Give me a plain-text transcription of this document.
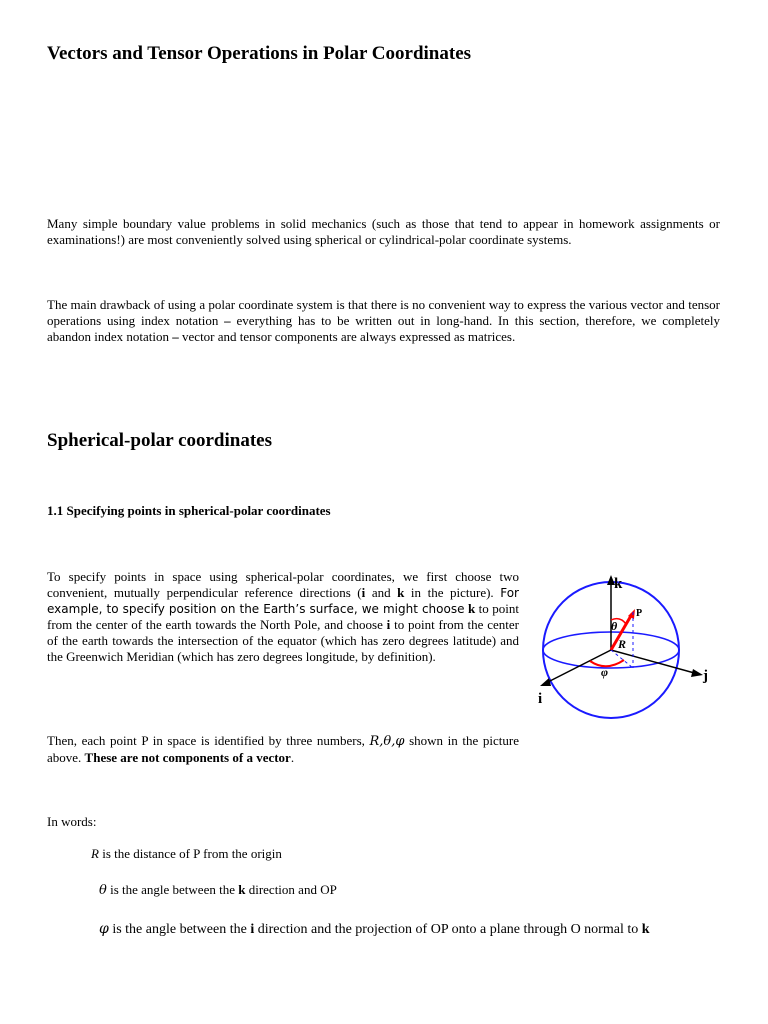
Vectors and Tensor Operations in Polar Coordinates

Many simple boundary value problems in solid mechanics (such as those that tend to appear in homework assignments or examinations!) are most conveniently solved using spherical or cylindrical-polar coordinate systems.

The main drawback of using a polar coordinate system is that there is no convenient way to express the various vector and tensor operations using index notation – everything has to be written out in long-hand. In this section, therefore, we completely abandon index notation – vector and tensor components are always expressed as matrices.

Spherical-polar coordinates
1.1 Specifying points in spherical-polar coordinates

To specify points in space using spherical-polar coordinates, we first choose two convenient, mutually perpendicular reference directions (i and k in the picture). For example, to specify position on the Earth’s surface, we might choose k to point from the center of the earth towards the North Pole, and choose i to point from the center of the earth towards the intersection of the equator (which has zero degrees latitude) and the Greenwich Meridian (which has zero degrees longitude, by definition).

k
j
i
P
R
θ
φ

Then, each point P in space is identified by three numbers, R,θ,φ shown in the picture above. These are not components of a vector.

In words:

R is the distance of P from the origin

θ is the angle between the k direction and OP

φ is the angle between the i direction and the projection of OP onto a plane through O normal to k
